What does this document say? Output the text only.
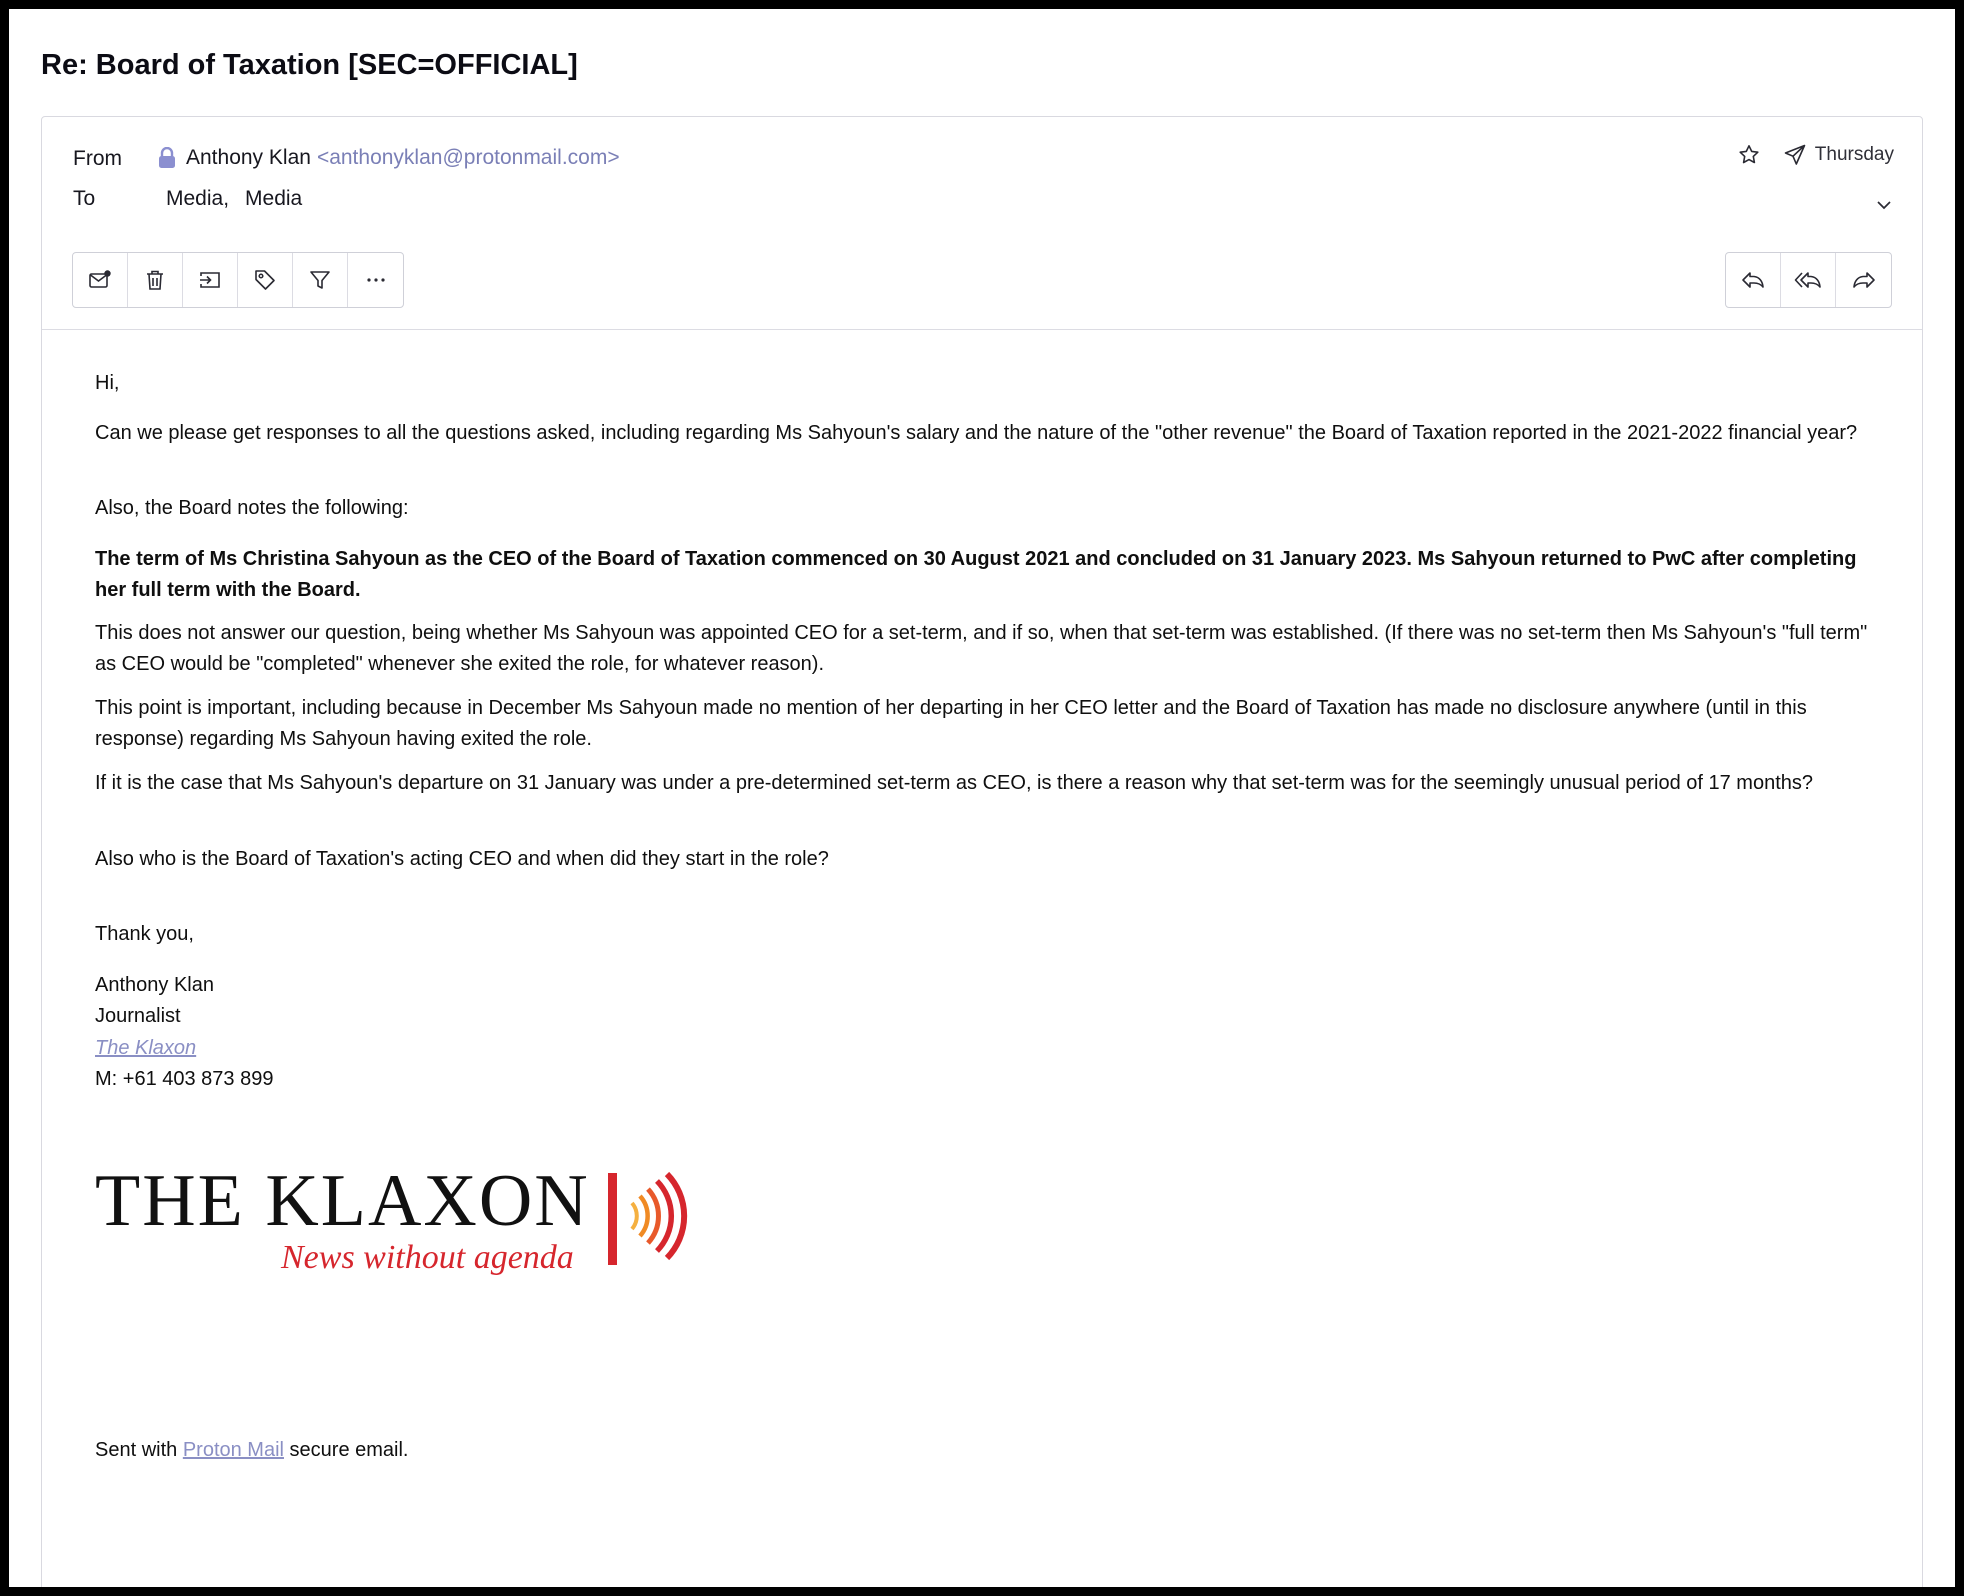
Re: Board of Taxation [SEC=OFFICIAL]
From	Anthony Klan <anthonyklan@protonmail.com>
To	Media, Media
Thursday

Hi,

Can we please get responses to all the questions asked, including regarding Ms Sahyoun's salary and the nature of the "other revenue" the Board of Taxation reported in the 2021-2022 financial year?

Also, the Board notes the following:

The term of Ms Christina Sahyoun as the CEO of the Board of Taxation commenced on 30 August 2021 and concluded on 31 January 2023. Ms Sahyoun returned to PwC after completing her full term with the Board.

This does not answer our question, being whether Ms Sahyoun was appointed CEO for a set-term, and if so, when that set-term was established. (If there was no set-term then Ms Sahyoun's "full term" as CEO would be "completed" whenever she exited the role, for whatever reason).

This point is important, including because in December Ms Sahyoun made no mention of her departing in her CEO letter and the Board of Taxation has made no disclosure anywhere (until in this response) regarding Ms Sahyoun having exited the role.

If it is the case that Ms Sahyoun's departure on 31 January was under a pre-determined set-term as CEO, is there a reason why that set-term was for the seemingly unusual period of 17 months?

Also who is the Board of Taxation's acting CEO and when did they start in the role?

Thank you,

Anthony Klan

Journalist

The Klaxon

M: +61 403 873 899

THE KLAXON
News without agenda

Sent with Proton Mail secure email.
